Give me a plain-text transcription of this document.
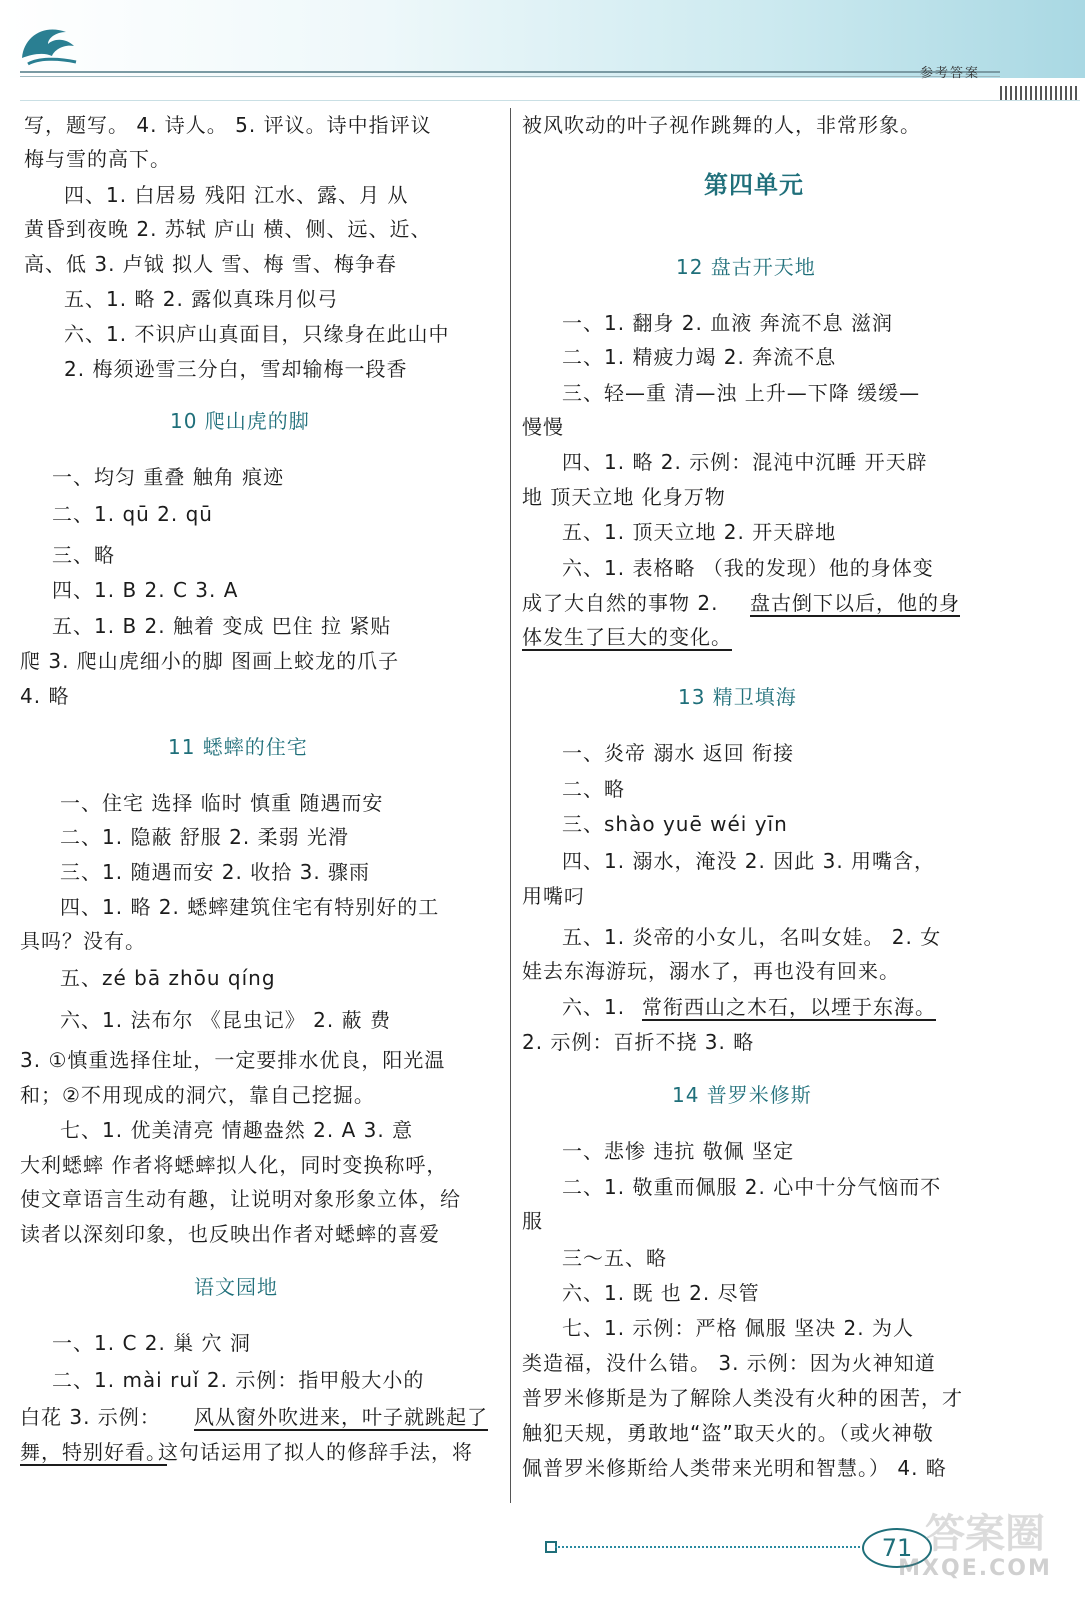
参考答案
写，题写。 4. 诗人。 5. 评议。诗中指评议
梅与雪的高下。
四、1. 白居易 残阳 江水、露、月 从
黄昏到夜晚 2. 苏轼 庐山 横、侧、远、近、
高、低 3. 卢钺 拟人 雪、梅 雪、梅争春
五、1. 略 2. 露似真珠月似弓
六、1. 不识庐山真面目，只缘身在此山中
2. 梅须逊雪三分白，雪却输梅一段香
10 爬山虎的脚
一、均匀 重叠 触角 痕迹
二、1. qū 2. qū
三、略
四、1. B 2. C 3. A
五、1. B 2. 触着 变成 巴住 拉 紧贴
爬 3. 爬山虎细小的脚 图画上蛟龙的爪子
4. 略
11 蟋蟀的住宅
一、住宅 选择 临时 慎重 随遇而安
二、1. 隐蔽 舒服 2. 柔弱 光滑
三、1. 随遇而安 2. 收拾 3. 骤雨
四、1. 略 2. 蟋蟀建筑住宅有特别好的工
具吗？没有。
五、zé bā zhōu qíng
六、1. 法布尔 《昆虫记》 2. 蔽 费
3. ①慎重选择住址，一定要排水优良，阳光温
和；②不用现成的洞穴，靠自己挖掘。
七、1. 优美清亮 情趣盎然 2. A 3. 意
大利蟋蟀 作者将蟋蟀拟人化，同时变换称呼，
使文章语言生动有趣，让说明对象形象立体，给
读者以深刻印象，也反映出作者对蟋蟀的喜爱
语文园地
一、1. C 2. 巢 穴 洞
二、1. mài ruǐ 2. 示例：指甲般大小的
白花 3. 示例： 风从窗外吹进来，叶子就跳起了
舞，特别好看。
这句话运用了拟人的修辞手法，将
被风吹动的叶子视作跳舞的人，非常形象。
第四单元
12 盘古开天地
一、1. 翻身 2. 血液 奔流不息 滋润
二、1. 精疲力竭 2. 奔流不息
三、轻—重 清—浊 上升—下降 缓缓—
慢慢
四、1. 略 2. 示例：混沌中沉睡 开天辟
地 顶天立地 化身万物
五、1. 顶天立地 2. 开天辟地
六、1. 表格略 （我的发现）他的身体变
成了大自然的事物 2. 盘古倒下以后，他的身
体发生了巨大的变化。
13 精卫填海
一、炎帝 溺水 返回 衔接
二、略
三、shào yuē wéi yīn
四、1. 溺水，淹没 2. 因此 3. 用嘴含，
用嘴叼
五、1. 炎帝的小女儿，名叫女娃。 2. 女
娃去东海游玩，溺水了，再也没有回来。
六、1. 常衔西山之木石，以堙于东海。
2. 示例：百折不挠 3. 略
14 普罗米修斯
一、悲惨 违抗 敬佩 坚定
二、1. 敬重而佩服 2. 心中十分气恼而不
服
三～五、略
六、1. 既 也 2. 尽管
七、1. 示例：严格 佩服 坚决 2. 为人
类造福，没什么错。 3. 示例：因为火神知道
普罗米修斯是为了解除人类没有火种的困苦，才
触犯天规，勇敢地“盗”取天火的。（或火神敬
佩普罗米修斯给人类带来光明和智慧。） 4. 略
71 答案圈
MXQE.COM
